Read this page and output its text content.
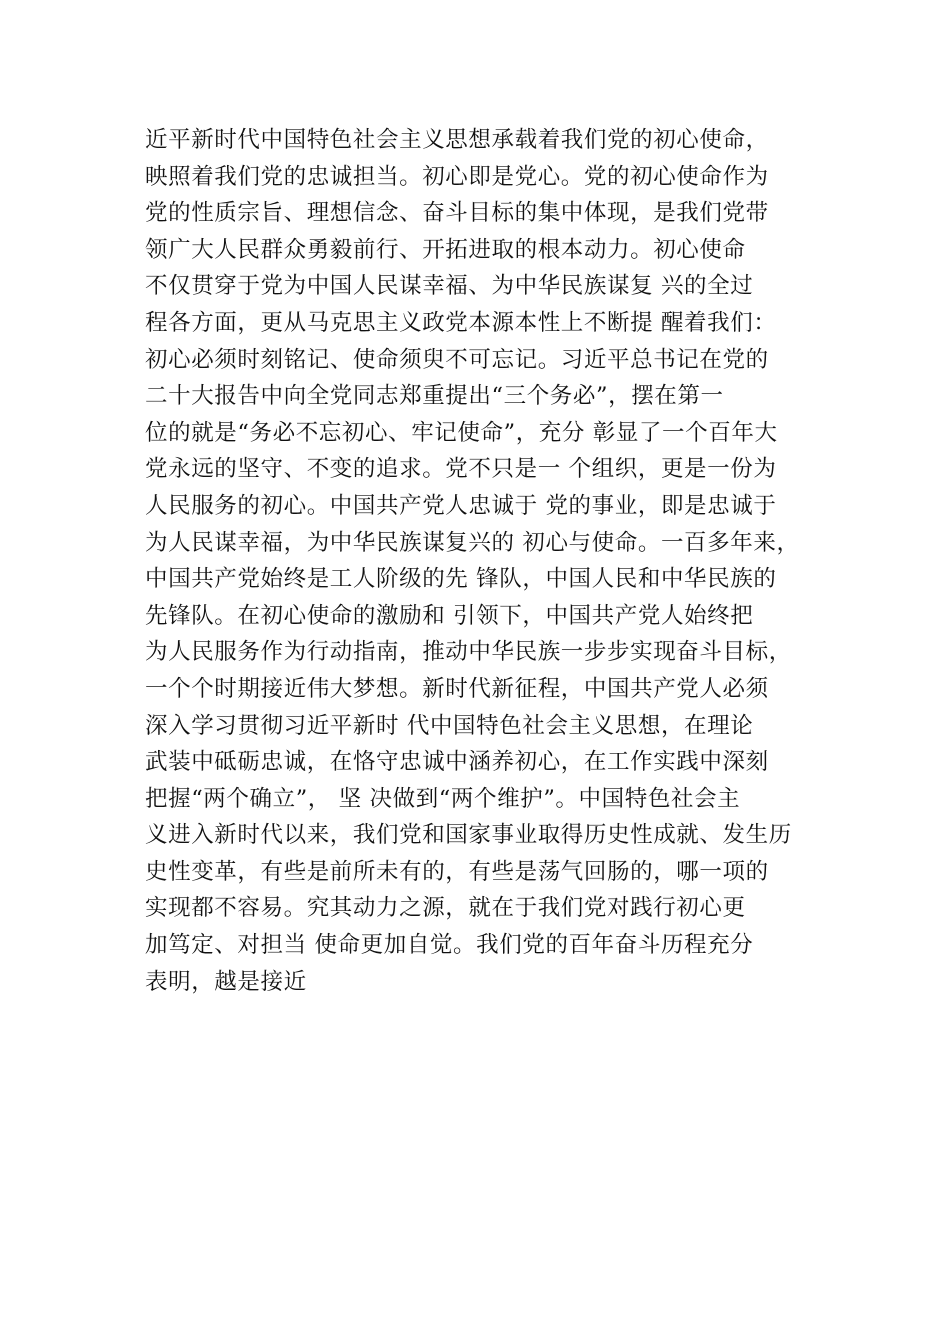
近平新时代中国特色社会主义思想承载着我们党的初心使命，
映照着我们党的忠诚担当。初心即是党心。党的初心使命作为
党的性质宗旨、理想信念、奋斗目标的集中体现，是我们党带
领广大人民群众勇毅前行、开拓进取的根本动力。初心使命
不仅贯穿于党为中国人民谋幸福、为中华民族谋复 兴的全过
程各方面，更从马克思主义政党本源本性上不断提 醒着我们：
初心必须时刻铭记、使命须臾不可忘记。习近平总书记在党的
二十大报告中向全党同志郑重提出“三个务必”，摆在第一
位的就是“务必不忘初心、牢记使命”，充分 彰显了一个百年大
党永远的坚守、不变的追求。党不只是一 个组织，更是一份为
人民服务的初心。中国共产党人忠诚于 党的事业，即是忠诚于
为人民谋幸福，为中华民族谋复兴的 初心与使命。一百多年来，
中国共产党始终是工人阶级的先 锋队，中国人民和中华民族的
先锋队。在初心使命的激励和 引领下，中国共产党人始终把
为人民服务作为行动指南，推动中华民族一步步实现奋斗目标，
一个个时期接近伟大梦想。新时代新征程，中国共产党人必须
深入学习贯彻习近平新时 代中国特色社会主义思想，在理论
武装中砥砺忠诚，在恪守忠诚中涵养初心，在工作实践中深刻
把握“两个确立”， 坚 决做到“两个维护”。中国特色社会主
义进入新时代以来，我们党和国家事业取得历史性成就、发生历
史性变革，有些是前所未有的，有些是荡气回肠的，哪一项的
实现都不容易。究其动力之源，就在于我们党对践行初心更
加笃定、对担当 使命更加自觉。我们党的百年奋斗历程充分
表明，越是接近
